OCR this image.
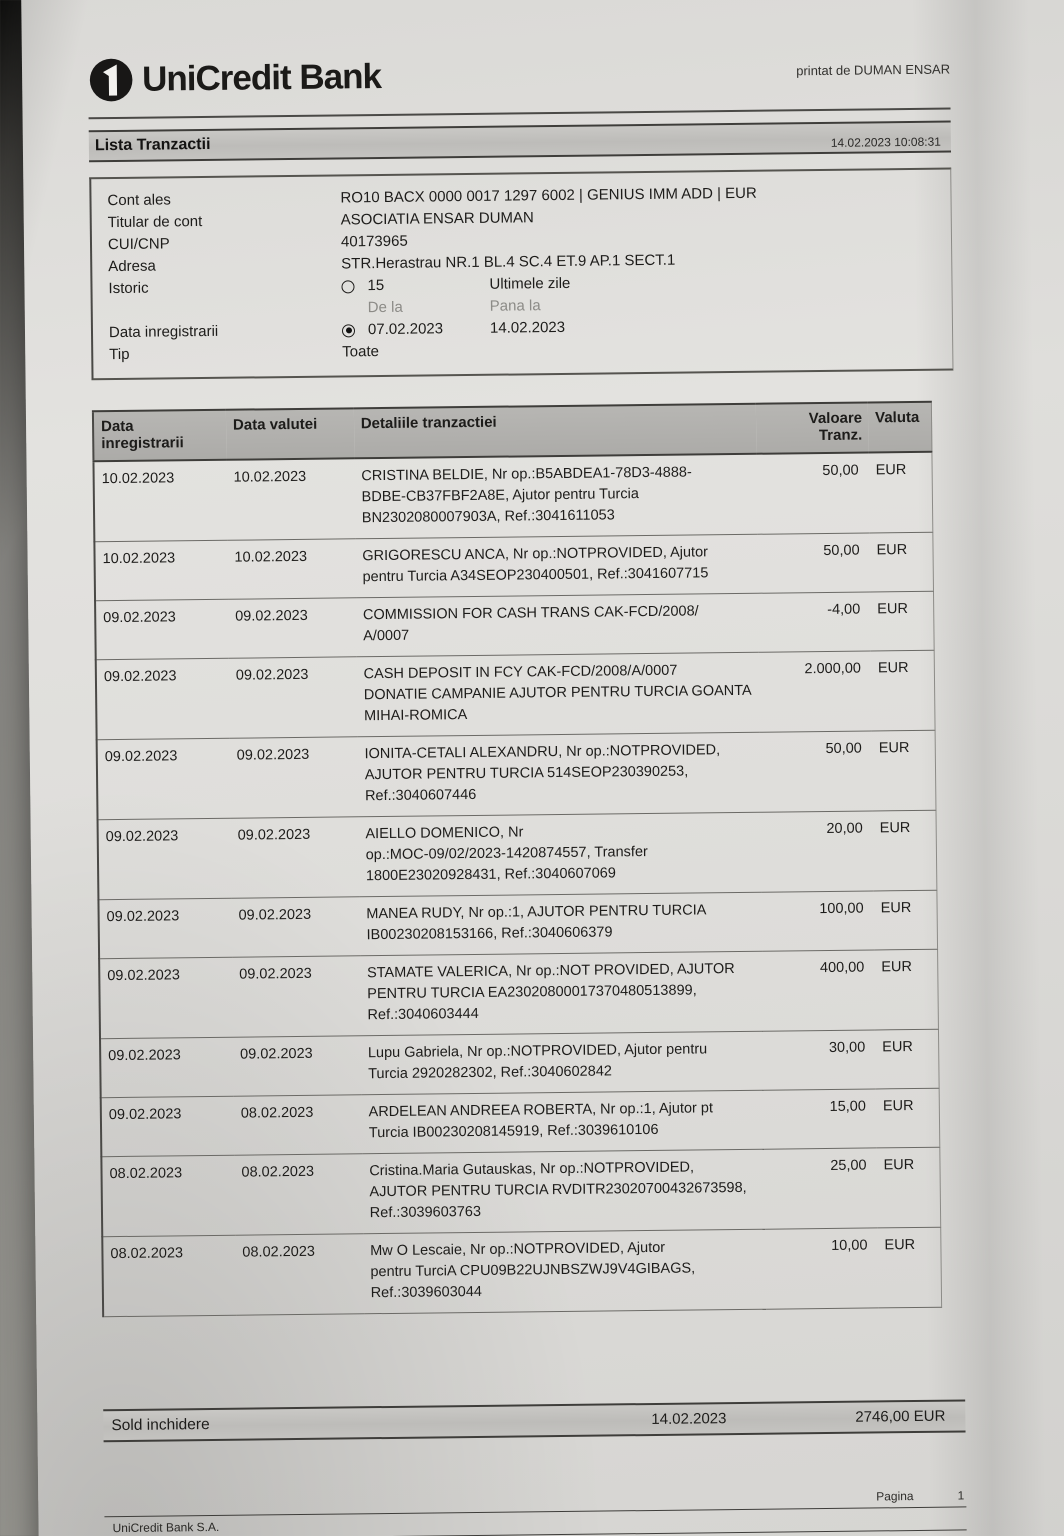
UniCredit Bank	printat de DUMAN ENSAR
Lista Tranzactii	14.02.2023 10:08:31
Cont ales	RO10 BACX 0000 0017 1297 6002 | GENIUS IMM ADD | EUR
Titular de cont	ASOCIATIA ENSAR DUMAN
CUI/CNP	40173965
Adresa	STR.Herastrau NR.1 BL.4 SC.4 ET.9 AP.1 SECT.1
Istoric	15	Ultimele zile
De la	Pana la
Data inregistrarii	07.02.2023	14.02.2023
Tip	Toate
Data inregistrarii	Data valutei	Detaliile tranzactiei	Valoare Tranz.	Valuta
10.02.2023	10.02.2023	CRISTINA BELDIE, Nr op.:B5ABDEA1-78D3-4888-
BDBE-CB37FBF2A8E, Ajutor pentru Turcia
BN2302080007903A, Ref.:3041611053	50,00	EUR
10.02.2023	10.02.2023	GRIGORESCU ANCA, Nr op.:NOTPROVIDED, Ajutor
pentru Turcia A34SEOP230400501, Ref.:3041607715	50,00	EUR
09.02.2023	09.02.2023	COMMISSION FOR CASH TRANS CAK-FCD/2008/
A/0007	-4,00	EUR
09.02.2023	09.02.2023	CASH DEPOSIT IN FCY CAK-FCD/2008/A/0007
DONATIE CAMPANIE AJUTOR PENTRU TURCIA GOANTA
MIHAI-ROMICA	2.000,00	EUR
09.02.2023	09.02.2023	IONITA-CETALI ALEXANDRU, Nr op.:NOTPROVIDED,
AJUTOR PENTRU TURCIA 514SEOP230390253,
Ref.:3040607446	50,00	EUR
09.02.2023	09.02.2023	AIELLO DOMENICO, Nr
op.:MOC-09/02/2023-1420874557, Transfer
1800E23020928431, Ref.:3040607069	20,00	EUR
09.02.2023	09.02.2023	MANEA RUDY, Nr op.:1, AJUTOR PENTRU TURCIA
IB00230208153166, Ref.:3040606379	100,00	EUR
09.02.2023	09.02.2023	STAMATE VALERICA, Nr op.:NOT PROVIDED, AJUTOR
PENTRU TURCIA EA23020800017370480513899,
Ref.:3040603444	400,00	EUR
09.02.2023	09.02.2023	Lupu Gabriela, Nr op.:NOTPROVIDED, Ajutor pentru
Turcia 2920282302, Ref.:3040602842	30,00	EUR
09.02.2023	08.02.2023	ARDELEAN ANDREEA ROBERTA, Nr op.:1, Ajutor pt
Turcia IB00230208145919, Ref.:3039610106	15,00	EUR
08.02.2023	08.02.2023	Cristina.Maria Gutauskas, Nr op.:NOTPROVIDED,
AJUTOR PENTRU TURCIA RVDITR23020700432673598,
Ref.:3039603763	25,00	EUR
08.02.2023	08.02.2023	Mw O Lescaie, Nr op.:NOTPROVIDED, Ajutor
pentru TurciA CPU09B22UJNBSZWJ9V4GIBAGS,
Ref.:3039603044	10,00	EUR
Sold inchidere	14.02.2023	2746,00 EUR
Pagina	1
UniCredit Bank S.A.
